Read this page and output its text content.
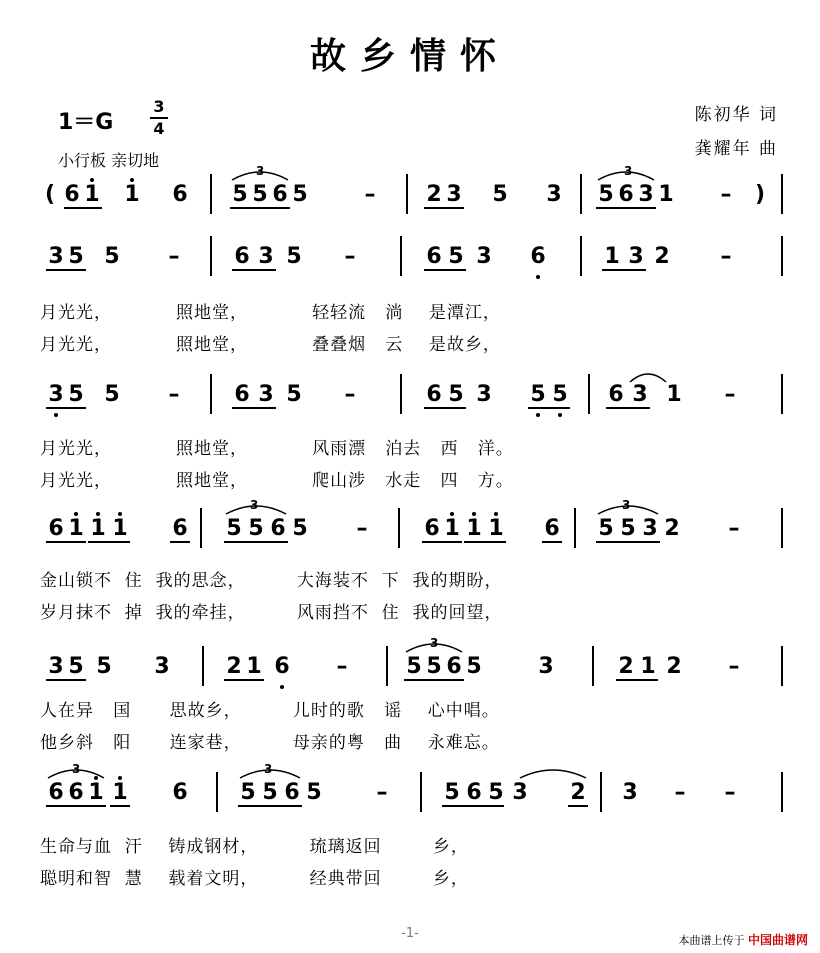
故乡情怀
1＝G
3
4
小行板 亲切地
陈初华 词
龚耀年 曲
( 6 1 1 6 5 5 6 5
3
– 2 3 5 3 5 6 3 1
3
– )
3 5 5 – 6 3 5 –	6 5 3 6	1 3 2 –
月光光，          照地堂，          轻轻流   淌    是潭江，
月光光，          照地堂，          叠叠烟   云    是故乡，
3 5 5 – 6 3 5 –	6 5 3 5 5 6 3 1 –
月光光，          照地堂，          风雨漂   泊去   西   洋。
月光光，          照地堂，          爬山涉   水走   四   方。
6 1 1 1 6 5 5 6 5
3
–	6 1 1 1 6 5 5 3 2
3
–
金山锁不  住  我的思念，        大海装不  下  我的期盼，
岁月抹不  掉  我的牵挂，        风雨挡不  住  我的回望，
3 5 5 3	2 1 6 –	5 5 6 5
3
3	2 1 2 –
人在异   国      思故乡，        儿时的歌   谣    心中唱。
他乡斜   阳      连家巷，        母亲的粤   曲    永难忘。
6 6 1
3
1 6 5 5 6 5
3
–	5 6 5 3 2 3 – –
生命与血  汗    铸成钢材，        琉璃返回        乡，
聪明和智  慧    载着文明，        经典带回        乡，
-1-	本曲谱上传于 中国曲谱网
